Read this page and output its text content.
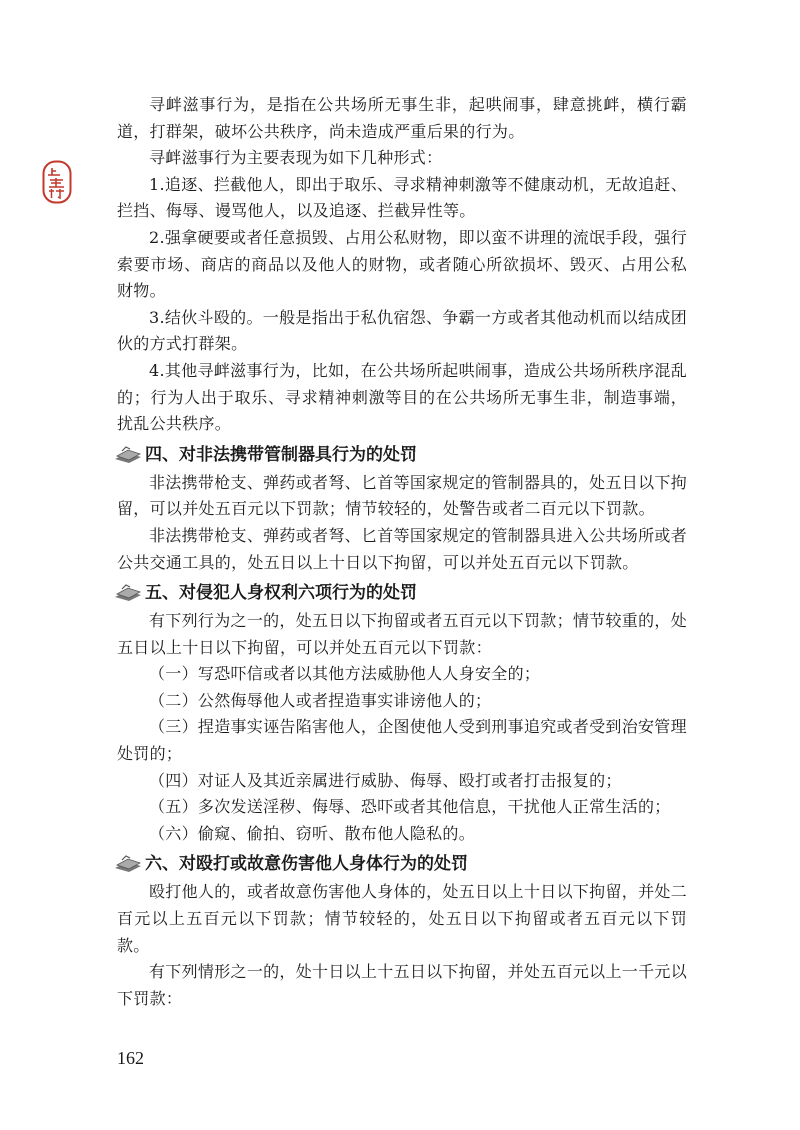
寻衅滋事行为，是指在公共场所无事生非，起哄闹事，肆意挑衅，横行霸道，打群架，破坏公共秩序，尚未造成严重后果的行为。

寻衅滋事行为主要表现为如下几种形式：

1.追逐、拦截他人，即出于取乐、寻求精神刺激等不健康动机，无故追赶、拦挡、侮辱、谩骂他人，以及追逐、拦截异性等。

2.强拿硬要或者任意损毁、占用公私财物，即以蛮不讲理的流氓手段，强行索要市场、商店的商品以及他人的财物，或者随心所欲损坏、毁灭、占用公私财物。

3.结伙斗殴的。一般是指出于私仇宿怨、争霸一方或者其他动机而以结成团伙的方式打群架。

4.其他寻衅滋事行为，比如，在公共场所起哄闹事，造成公共场所秩序混乱的；行为人出于取乐、寻求精神刺激等目的在公共场所无事生非，制造事端，扰乱公共秩序。

四、对非法携带管制器具行为的处罚

非法携带枪支、弹药或者弩、匕首等国家规定的管制器具的，处五日以下拘留，可以并处五百元以下罚款；情节较轻的，处警告或者二百元以下罚款。

非法携带枪支、弹药或者弩、匕首等国家规定的管制器具进入公共场所或者公共交通工具的，处五日以上十日以下拘留，可以并处五百元以下罚款。

五、对侵犯人身权利六项行为的处罚

有下列行为之一的，处五日以下拘留或者五百元以下罚款；情节较重的，处五日以上十日以下拘留，可以并处五百元以下罚款：

（一）写恐吓信或者以其他方法威胁他人人身安全的；

（二）公然侮辱他人或者捏造事实诽谤他人的；

（三）捏造事实诬告陷害他人，企图使他人受到刑事追究或者受到治安管理处罚的；

（四）对证人及其近亲属进行威胁、侮辱、殴打或者打击报复的；

（五）多次发送淫秽、侮辱、恐吓或者其他信息，干扰他人正常生活的；

（六）偷窥、偷拍、窃听、散布他人隐私的。

六、对殴打或故意伤害他人身体行为的处罚

殴打他人的，或者故意伤害他人身体的，处五日以上十日以下拘留，并处二百元以上五百元以下罚款；情节较轻的，处五日以下拘留或者五百元以下罚款。

有下列情形之一的，处十日以上十五日以下拘留，并处五百元以上一千元以下罚款：

162
